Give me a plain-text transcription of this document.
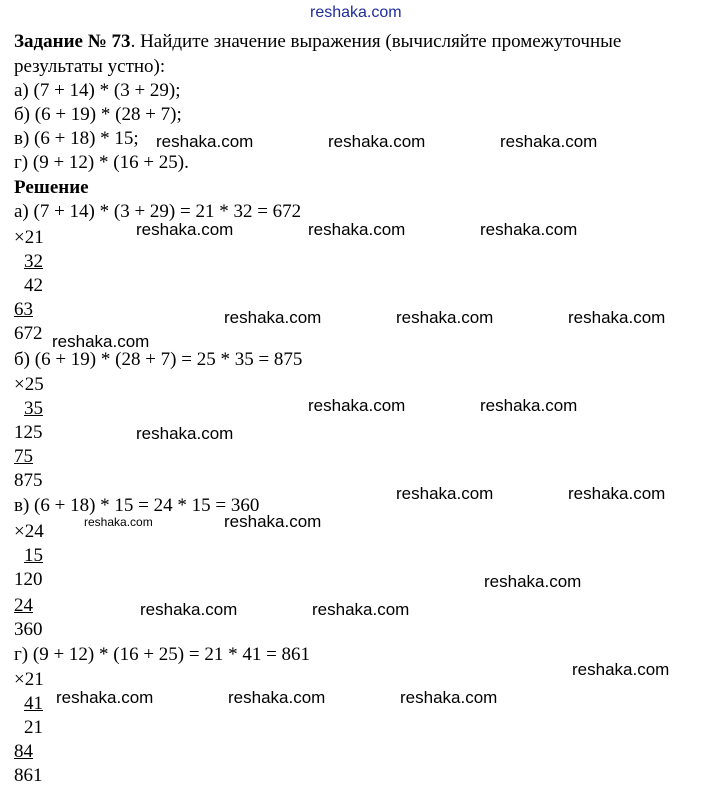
reshaka.com
reshaka.com	reshaka.com	reshaka.com
reshaka.com	reshaka.com	reshaka.com
reshaka.com	reshaka.com	reshaka.com
reshaka.com
reshaka.com	reshaka.com
reshaka.com
reshaka.com	reshaka.com
reshaka.com	reshaka.com
reshaka.com
reshaka.com	reshaka.com
reshaka.com
reshaka.com	reshaka.com	reshaka.com
Задание № 73. Найдите значение выражения (вычисляйте промежуточные
результаты устно):
а) (7 + 14) * (3 + 29);
б) (6 + 19) * (28 + 7);
в) (6 + 18) * 15;
г) (9 + 12) * (16 + 25).
Решение
а) (7 + 14) * (3 + 29) = 21 * 32 = 672
×21
32
42
63
672
б) (6 + 19) * (28 + 7) = 25 * 35 = 875
×25
35
125
75
875
в) (6 + 18) * 15 = 24 * 15 = 360
×24
15
120
24
360
г) (9 + 12) * (16 + 25) = 21 * 41 = 861
×21
41
21
84
861
